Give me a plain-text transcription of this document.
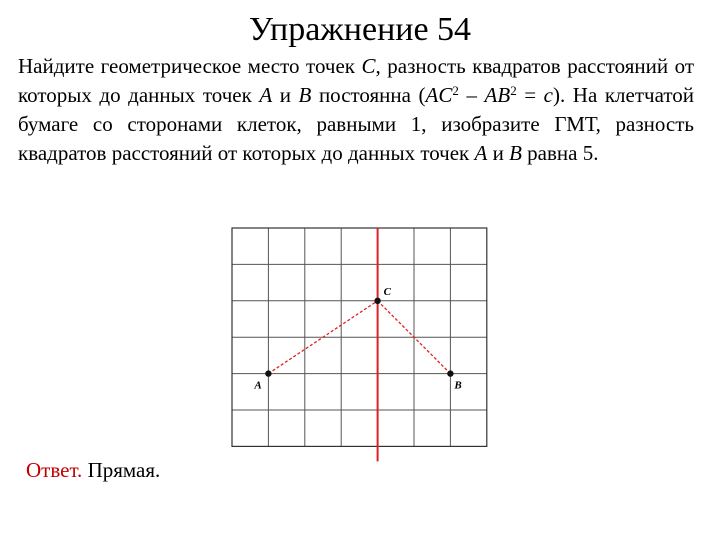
Упражнение 54
Найдите геометрическое место точек C, разность квадратов расстояний от которых до данных точек A и B постоянна $(AC^2 - AB^2 = c)$. На клетчатой бумаге со сторонами клеток, равными 1, изобразите ГМТ, разность квадратов расстояний от которых до данных точек A и B равна 5.
A	B
C
Ответ. Прямая.
